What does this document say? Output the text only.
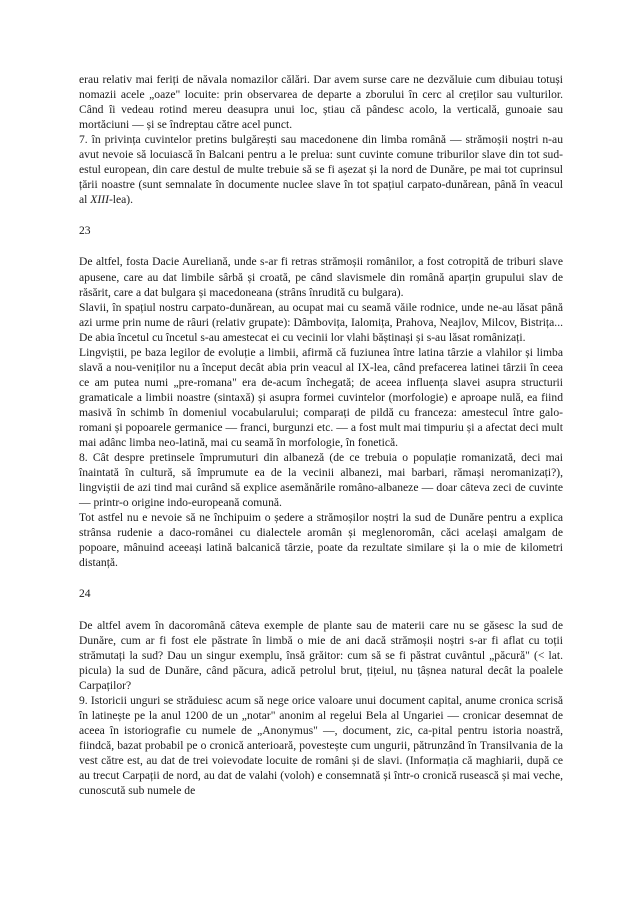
erau relativ mai feriți de năvala nomazilor călări. Dar avem surse care ne dezvăluie cum dibuiau totuși nomazii acele „oaze" locuite: prin observarea de departe a zborului în cerc al creților sau vulturilor. Când îi vedeau rotind mereu deasupra unui loc, știau că pândesc acolo, la verticală, gunoaie sau mortăciuni — și se îndreptau către acel punct.

7. în privința cuvintelor pretins bulgărești sau macedonene din limba română — strămoșii noștri n-au avut nevoie să locuiască în Balcani pentru a le prelua: sunt cuvinte comune triburilor slave din tot sud-estul european, din care destul de multe trebuie să se fi așezat și la nord de Dunăre, pe mai tot cuprinsul țării noastre (sunt semnalate în documente nuclee slave în tot spațiul carpato-dunărean, până în veacul al XIII-lea).

23

De altfel, fosta Dacie Aureliană, unde s-ar fi retras strămoșii românilor, a fost cotropită de triburi slave apusene, care au dat limbile sârbă și croată, pe când slavismele din română aparțin grupului slav de răsărit, care a dat bulgara și macedoneana (strâns înrudită cu bulgara).

Slavii, în spațiul nostru carpato-dunărean, au ocupat mai cu seamă văile rodnice, unde ne-au lăsat până azi urme prin nume de râuri (relativ grupate): Dâmbovița, Ialomița, Prahova, Neajlov, Milcov, Bistrița... De abia încetul cu încetul s-au amestecat ei cu vecinii lor vlahi băștinași și s-au lăsat românizați.

Lingviștii, pe baza legilor de evoluție a limbii, afirmă că fuziunea între latina târzie a vlahilor și limba slavă a nou-veniților nu a început decât abia prin veacul al IX-lea, când prefacerea latinei târzii în ceea ce am putea numi „pre-romana" era de-acum închegată; de aceea influența slavei asupra structurii gramaticale a limbii noastre (sintaxă) și asupra formei cuvintelor (morfologie) e aproape nulă, ea fiind masivă în schimb în domeniul vocabularului; comparați de pildă cu franceza: amestecul între galo-romani și popoarele germanice — franci, burgunzi etc. — a fost mult mai timpuriu și a afectat deci mult mai adânc limba neo-latină, mai cu seamă în morfologie, în fonetică.

8. Cât despre pretinsele împrumuturi din albaneză (de ce trebuia o populație romanizată, deci mai înaintată în cultură, să împrumute ea de la vecinii albanezi, mai barbari, rămași neromanizați?), lingviștii de azi tind mai curând să explice asemănările româno-albaneze — doar câteva zeci de cuvinte — printr-o origine indo-europeană comună.

Tot astfel nu e nevoie să ne închipuim o ședere a strămoșilor noștri la sud de Dunăre pentru a explica strânsa rudenie a daco-românei cu dialectele aromân și meglenoromân, căci același amalgam de popoare, mânuind aceeași latină balcanică târzie, poate da rezultate similare și la o mie de kilometri distanță.

24

De altfel avem în dacoromână câteva exemple de plante sau de materii care nu se găsesc la sud de Dunăre, cum ar fi fost ele păstrate în limbă o mie de ani dacă strămoșii noștri s-ar fi aflat cu toții strămutați la sud? Dau un singur exemplu, însă grăitor: cum să se fi păstrat cuvântul „păcură" (< lat. picula) la sud de Dunăre, când păcura, adică petrolul brut, țițeiul, nu țâșnea natural decât la poalele Carpaților?

9. Istoricii unguri se străduiesc acum să nege orice valoare unui document capital, anume cronica scrisă în latinește pe la anul 1200 de un „notar" anonim al regelui Bela al Ungariei — cronicar desemnat de aceea în istoriografie cu numele de „Anonymus" —, document, zic, ca-pital pentru istoria noastră, fiindcă, bazat probabil pe o cronică anterioară, povestește cum ungurii, pătrunzând în Transilvania de la vest către est, au dat de trei voievodate locuite de români și de slavi. (Informația că maghiarii, după ce au trecut Carpații de nord, au dat de valahi (voloh) e consemnată și într-o cronică rusească și mai veche, cunoscută sub numele de
